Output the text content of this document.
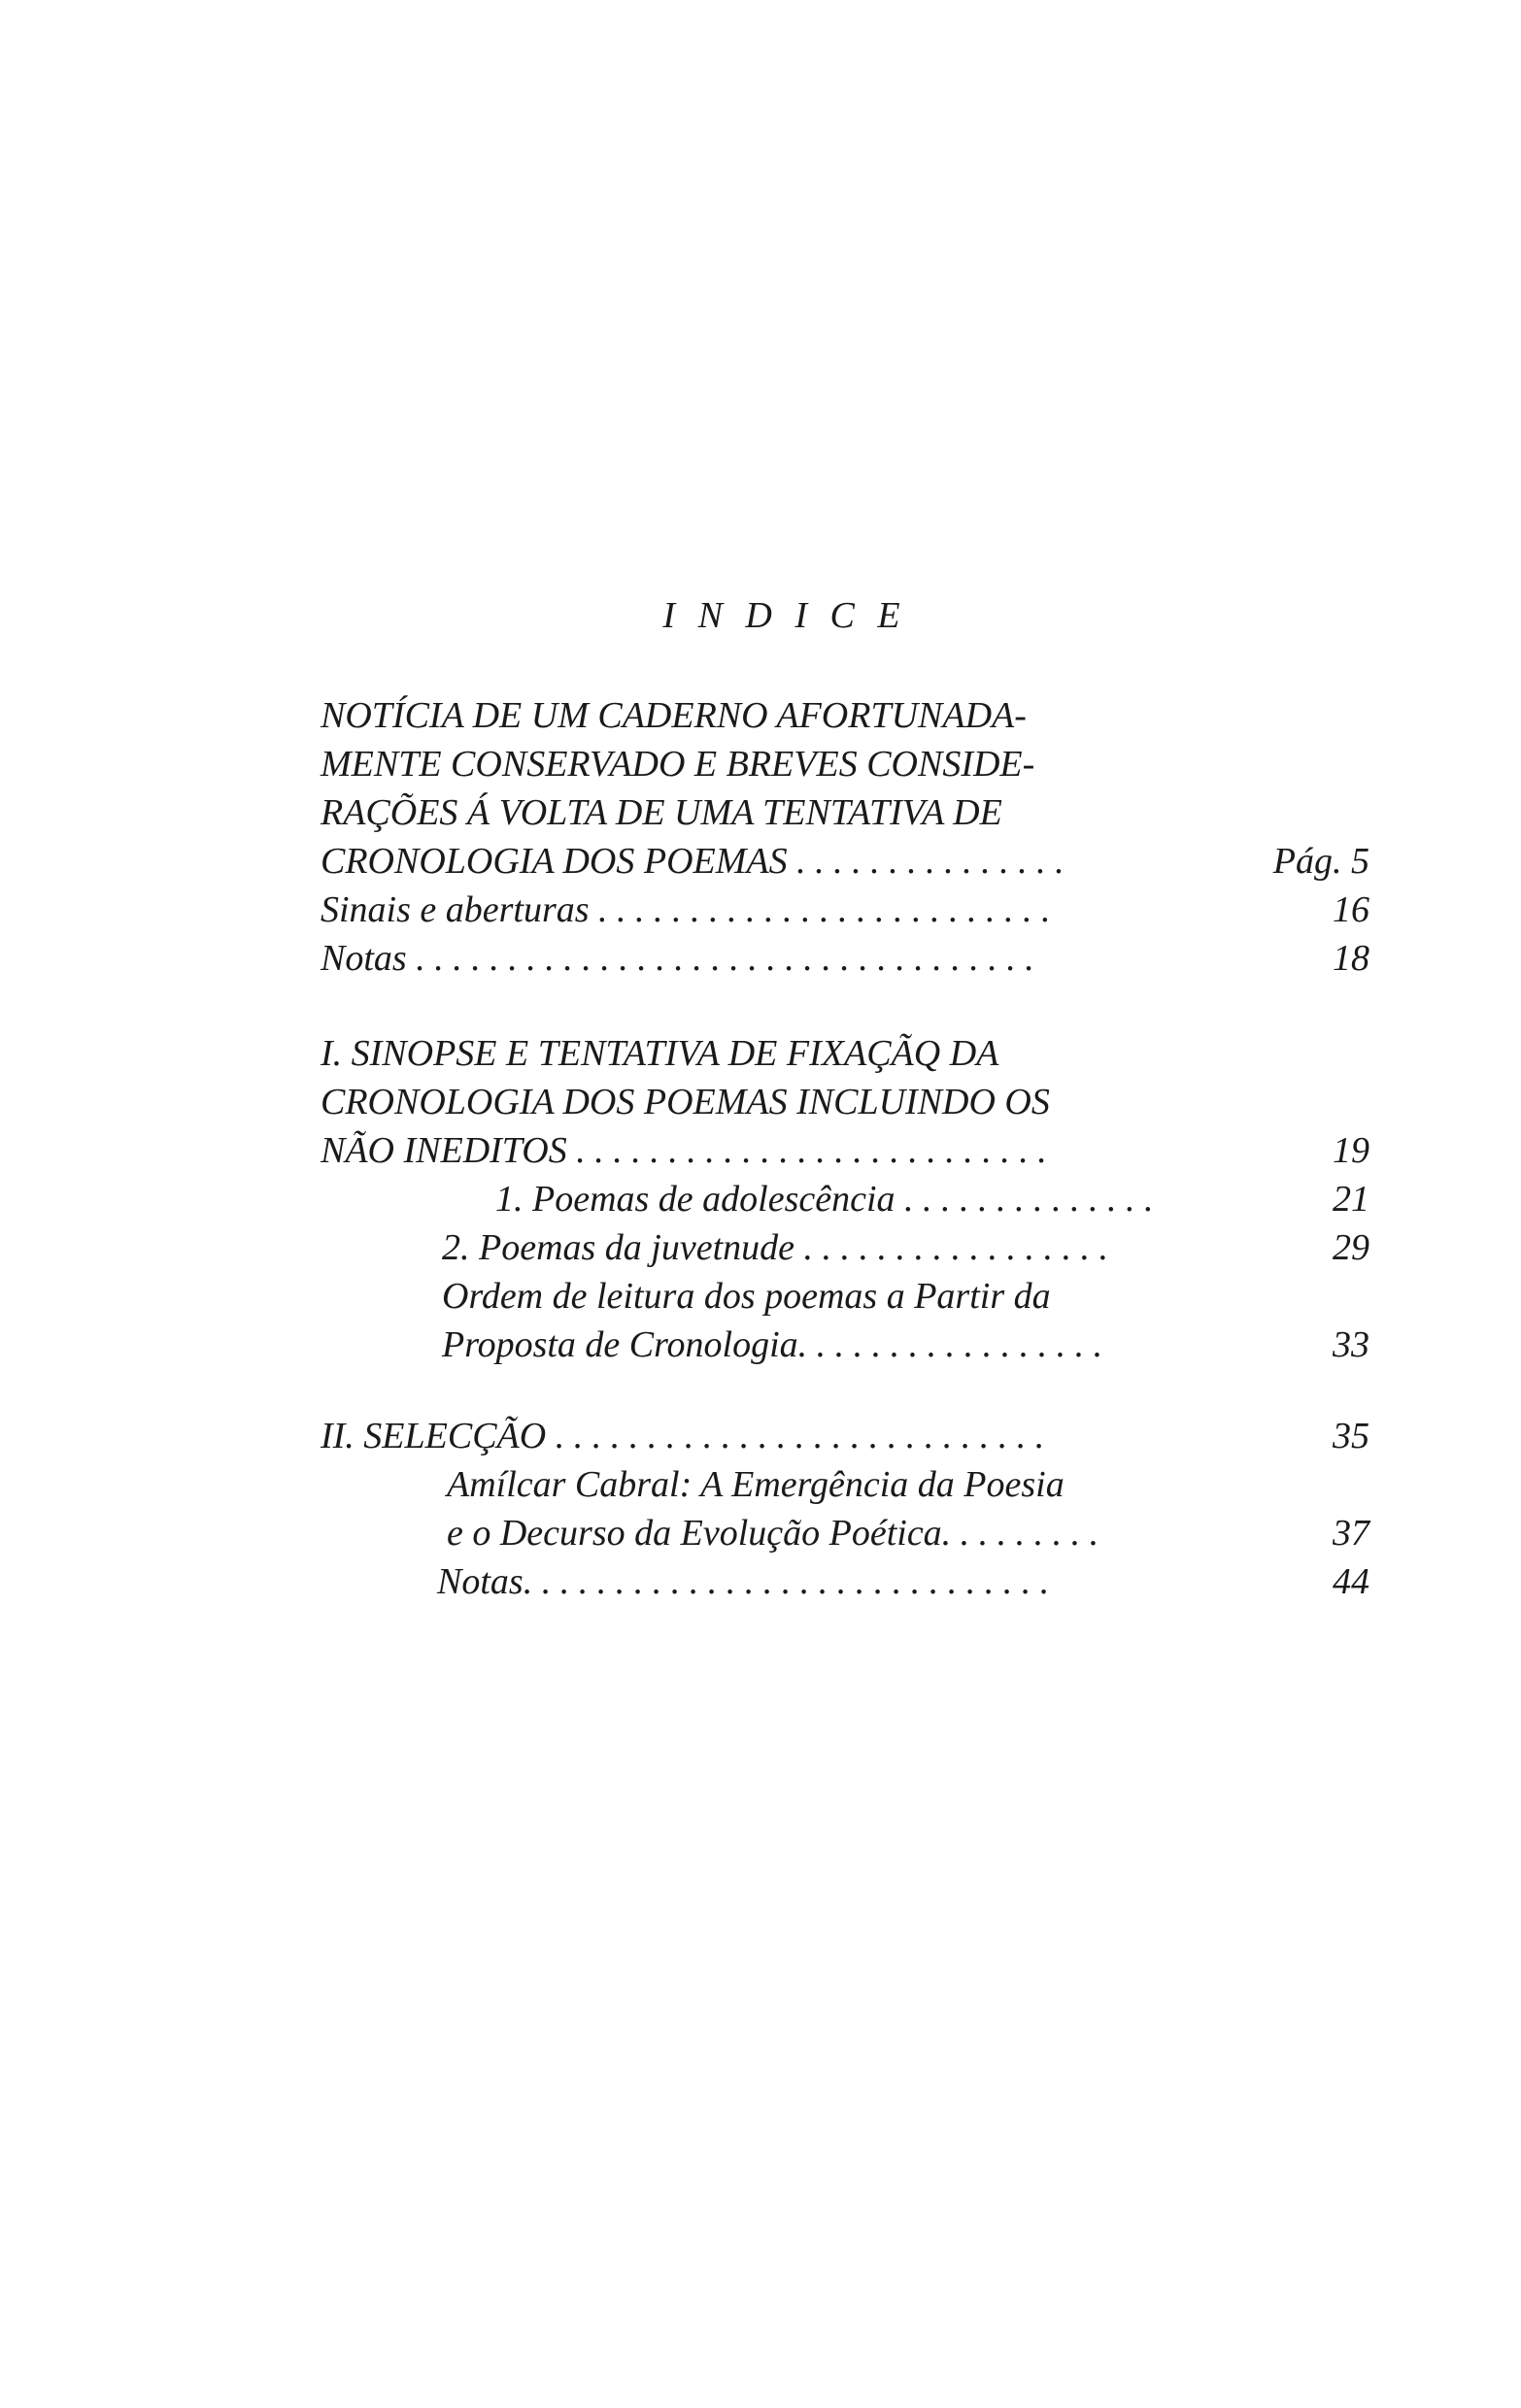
I N D I C E
NOTÍCIA DE UM CADERNO AFORTUNADA-
MENTE CONSERVADO E BREVES CONSIDE-
RAÇÕES Á VOLTA DE UMA TENTATIVA DE
CRONOLOGIA DOS POEMAS . . . . . . . . . . . . . . .	Pág. 5
Sinais e aberturas . . . . . . . . . . . . . . . . . . . . . . . . .	16
Notas . . . . . . . . . . . . . . . . . . . . . . . . . . . . . . . . . .	18
I. SINOPSE E TENTATIVA DE FIXAÇÃQ DA
CRONOLOGIA DOS POEMAS INCLUINDO OS
NÃO INEDITOS . . . . . . . . . . . . . . . . . . . . . . . . . .	19
1. Poemas de adolescência . . . . . . . . . . . . . .	21
2. Poemas da juvetnude . . . . . . . . . . . . . . . . .	29
Ordem de leitura dos poemas a Partir da
Proposta de Cronologia. . . . . . . . . . . . . . . . .	33
II. SELECÇÃO . . . . . . . . . . . . . . . . . . . . . . . . . . .	35
Amílcar Cabral: A Emergência da Poesia
e o Decurso da Evolução Poética. . . . . . . . .	37
Notas. . . . . . . . . . . . . . . . . . . . . . . . . . . . .	44
